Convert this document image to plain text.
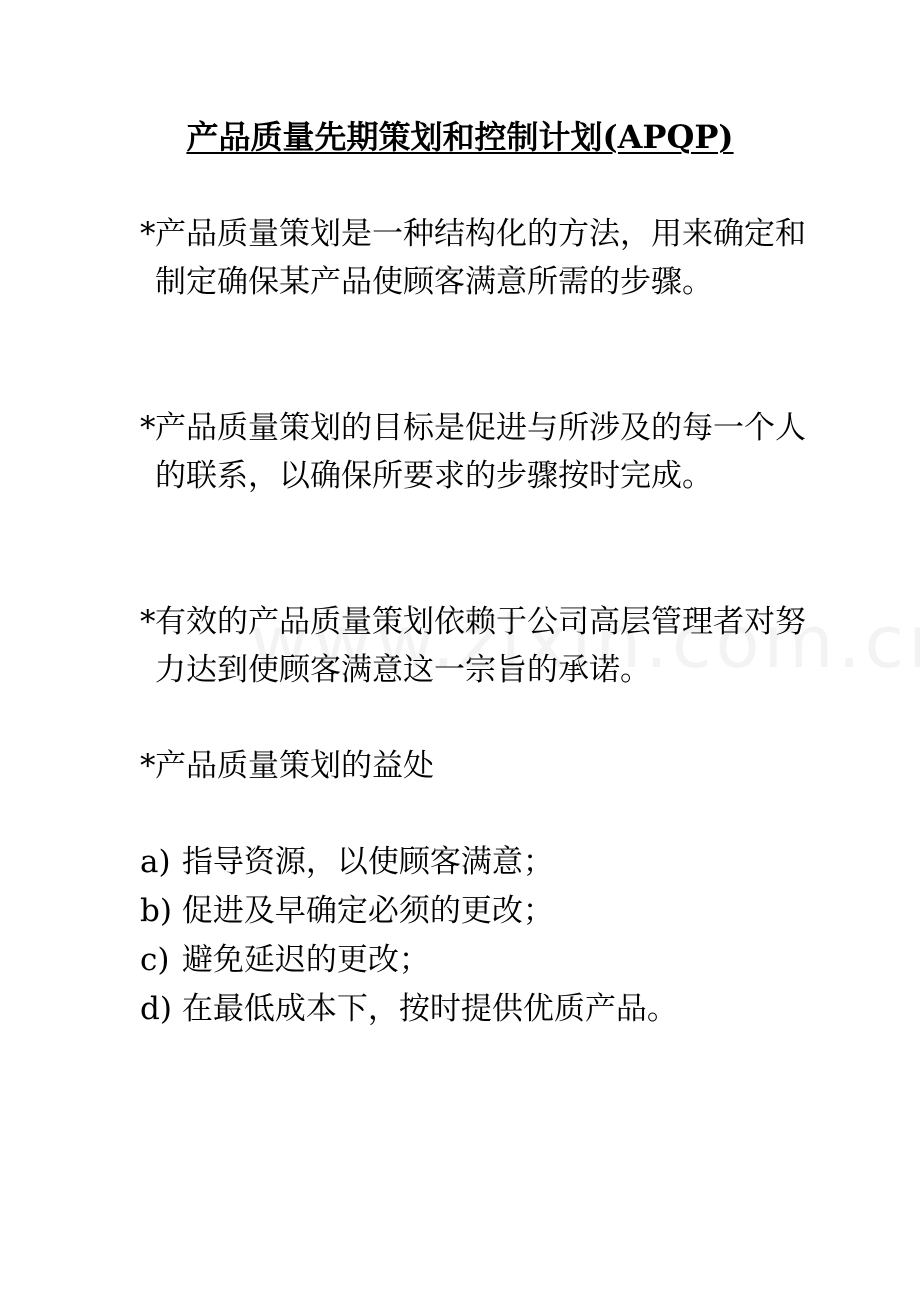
产品质量先期策划和控制计划(APQP)
*产品质量策划是一种结构化的方法，用来确定和制定确保某产品使顾客满意所需的步骤。
*产品质量策划的目标是促进与所涉及的每一个人的联系，以确保所要求的步骤按时完成。
*有效的产品质量策划依赖于公司高层管理者对努力达到使顾客满意这一宗旨的承诺。
*产品质量策划的益处
a) 指导资源，以使顾客满意；
b) 促进及早确定必须的更改；
c) 避免延迟的更改；
d) 在最低成本下，按时提供优质产品。
